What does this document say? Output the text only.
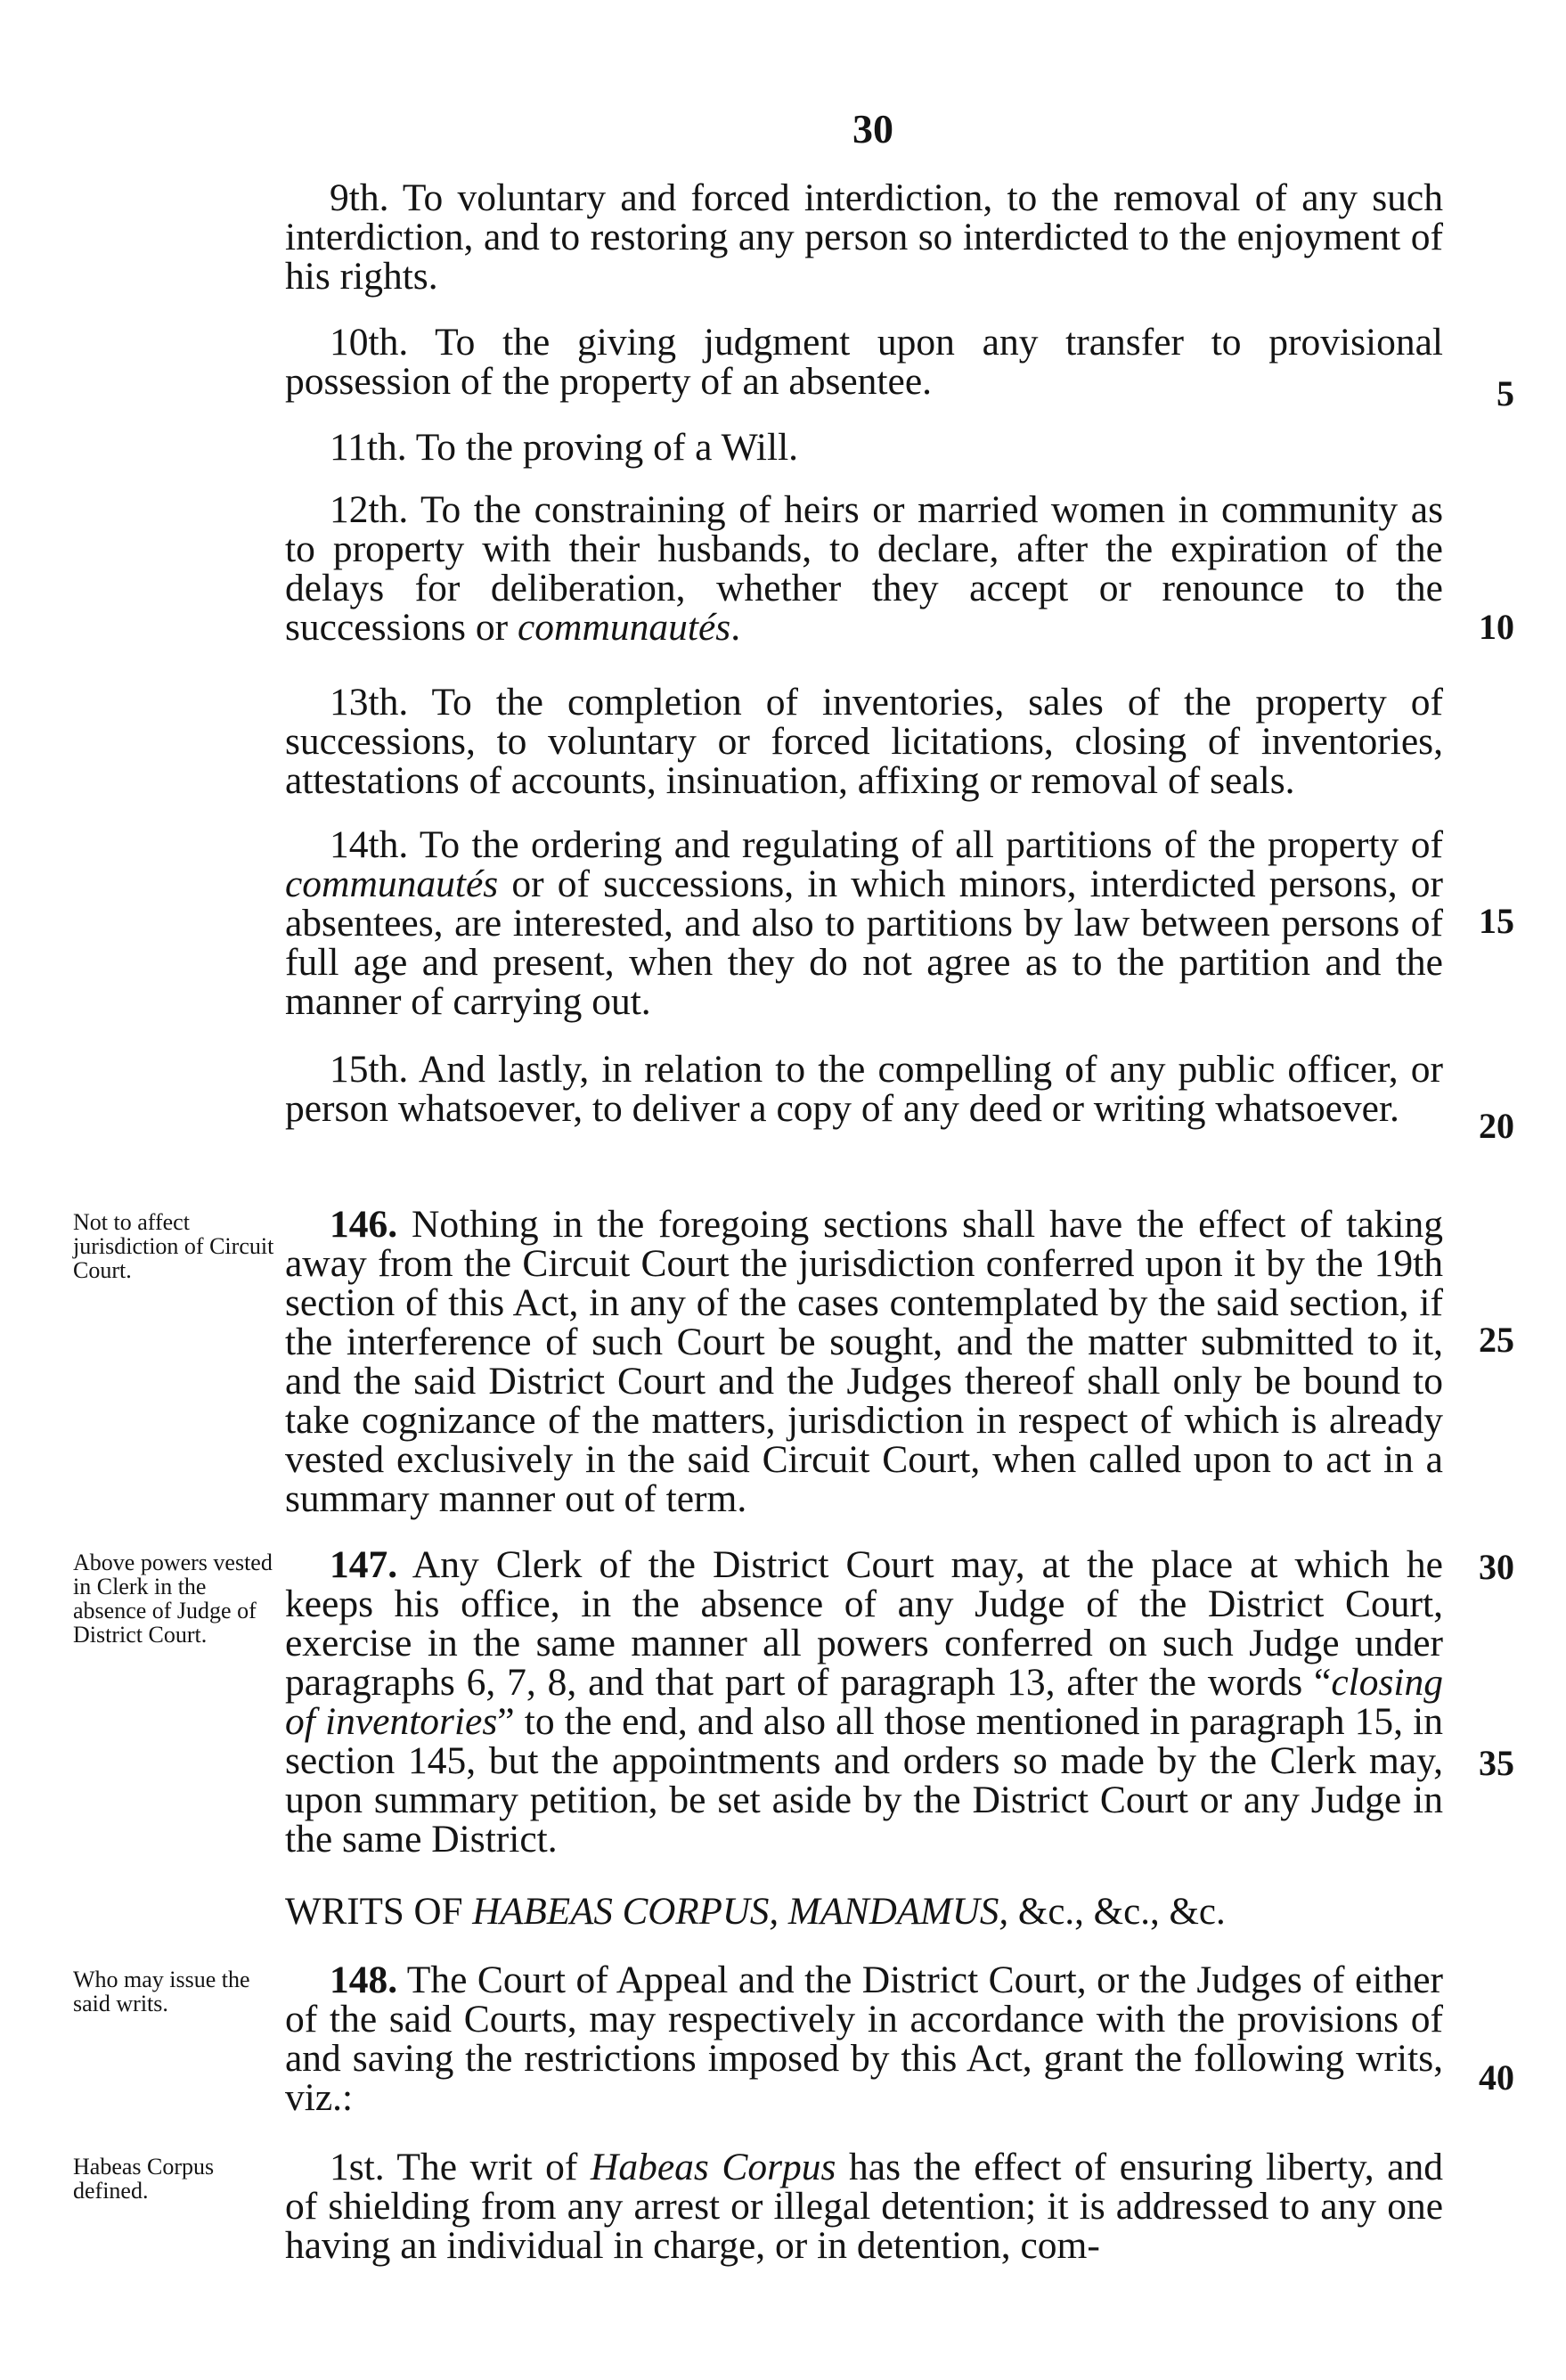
30

9th. To voluntary and forced interdiction, to the removal of any such interdiction, and to restoring any person so interdicted to the enjoyment of his rights.

10th. To the giving judgment upon any transfer to provisional possession of the property of an absentee.

11th. To the proving of a Will.

12th. To the constraining of heirs or married women in community as to property with their husbands, to declare, after the expiration of the delays for deliberation, whether they accept or renounce to the successions or communautés.

13th. To the completion of inventories, sales of the property of successions, to voluntary or forced licitations, closing of inventories, attestations of accounts, insinuation, affixing or removal of seals.

14th. To the ordering and regulating of all partitions of the property of communautés or of successions, in which minors, interdicted persons, or absentees, are interested, and also to partitions by law between persons of full age and present, when they do not agree as to the partition and the manner of carrying out.

15th. And lastly, in relation to the compelling of any public officer, or person whatsoever, to deliver a copy of any deed or writing whatsoever.

146. Nothing in the foregoing sections shall have the effect of taking away from the Circuit Court the jurisdiction conferred upon it by the 19th section of this Act, in any of the cases contemplated by the said section, if the interference of such Court be sought, and the matter submitted to it, and the said District Court and the Judges thereof shall only be bound to take cognizance of the matters, jurisdiction in respect of which is already vested exclusively in the said Circuit Court, when called upon to act in a summary manner out of term.

147. Any Clerk of the District Court may, at the place at which he keeps his office, in the absence of any Judge of the District Court, exercise in the same manner all powers conferred on such Judge under paragraphs 6, 7, 8, and that part of paragraph 13, after the words “closing of inventories” to the end, and also all those mentioned in paragraph 15, in section 145, but the appointments and orders so made by the Clerk may, upon summary petition, be set aside by the District Court or any Judge in the same District.

WRITS OF HABEAS CORPUS, MANDAMUS, &c., &c., &c.

148. The Court of Appeal and the District Court, or the Judges of either of the said Courts, may respectively in accordance with the provisions of and saving the restrictions imposed by this Act, grant the following writs, viz.:

1st. The writ of Habeas Corpus has the effect of ensuring liberty, and of shielding from any arrest or illegal detention; it is addressed to any one having an individual in charge, or in detention, com-

5
10
15
20
25
30
35
40
Not to affect jurisdiction of Circuit Court.
Above powers vested in Clerk in the absence of Judge of District Court.
Who may issue the said writs.
Habeas Corpus defined.
